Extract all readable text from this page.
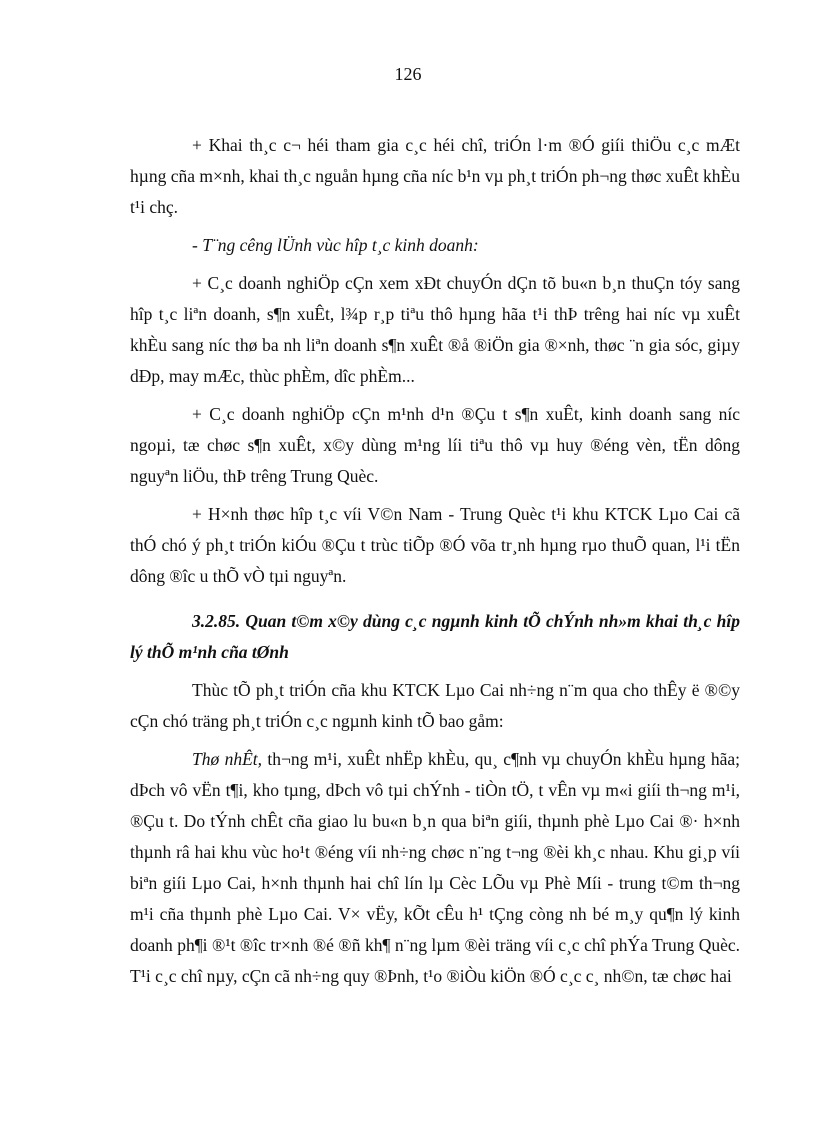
126

+ Khai th¸c c¬ héi tham gia c¸c héi chî, triÓn l·m ®Ó giíi thiÖu c¸c mÆt hµng cña m×nh, khai th¸c nguån hµng cña níc b¹n vµ ph¸t triÓn ph¬ng thøc xuÊt khÈu t¹i chç.

- T¨ng cêng lÜnh vùc hîp t¸c kinh doanh:

+ C¸c doanh nghiÖp cÇn xem xÐt chuyÓn dÇn tõ bu«n b¸n thuÇn tóy sang hîp t¸c liªn doanh, s¶n xuÊt, l¾p r¸p tiªu thô hµng hãa t¹i thÞ trêng hai níc vµ xuÊt khÈu sang níc thø ba nh liªn doanh s¶n xuÊt ®å ®iÖn gia ®×nh, thøc ¨n gia sóc, giµy dÐp, may mÆc, thùc phÈm, dîc phÈm...

+ C¸c doanh nghiÖp cÇn m¹nh d¹n ®Çu t s¶n xuÊt, kinh doanh sang níc ngoµi, tæ chøc s¶n xuÊt, x©y dùng m¹ng líi tiªu thô vµ huy ®éng vèn, tËn dông nguyªn liÖu, thÞ trêng Trung Quèc.

+ H×nh thøc hîp t¸c víi V©n Nam - Trung Quèc t¹i khu KTCK Lµo Cai cã thÓ chó ý ph¸t triÓn kiÓu ®Çu t trùc tiÕp ®Ó võa tr¸nh hµng rµo thuÕ quan, l¹i tËn dông ®îc u thÕ vÒ tµi nguyªn.

3.2.85. Quan t©m x©y dùng c¸c ngµnh kinh tÕ chÝnh nh»m khai th¸c hîp lý thÕ m¹nh cña tØnh

Thùc tÕ ph¸t triÓn cña khu KTCK Lµo Cai nh÷ng n¨m qua cho thÊy ë ®©y cÇn chó träng ph¸t triÓn c¸c ngµnh kinh tÕ bao gåm:

Thø nhÊt, th¬ng m¹i, xuÊt nhËp khÈu, qu¸ c¶nh vµ chuyÓn khÈu hµng hãa; dÞch vô vËn t¶i, kho tµng, dÞch vô tµi chÝnh - tiÒn tÖ, t vÊn vµ m«i giíi th¬ng m¹i, ®Çu t. Do tÝnh chÊt cña giao lu bu«n b¸n qua biªn giíi, thµnh phè Lµo Cai ®· h×nh thµnh râ hai khu vùc ho¹t ®éng víi nh÷ng chøc n¨ng t¬ng ®èi kh¸c nhau. Khu gi¸p víi biªn giíi Lµo Cai, h×nh thµnh hai chî lín lµ Cèc LÕu vµ Phè Míi - trung t©m th¬ng m¹i cña thµnh phè Lµo Cai. V× vËy, kÕt cÊu h¹ tÇng còng nh bé m¸y qu¶n lý kinh doanh ph¶i ®¹t ®îc tr×nh ®é ®ñ kh¶ n¨ng lµm ®èi träng víi c¸c chî phÝa Trung Quèc. T¹i c¸c chî nµy, cÇn cã nh÷ng quy ®Þnh, t¹o ®iÒu kiÖn ®Ó c¸c c¸ nh©n, tæ chøc hai
